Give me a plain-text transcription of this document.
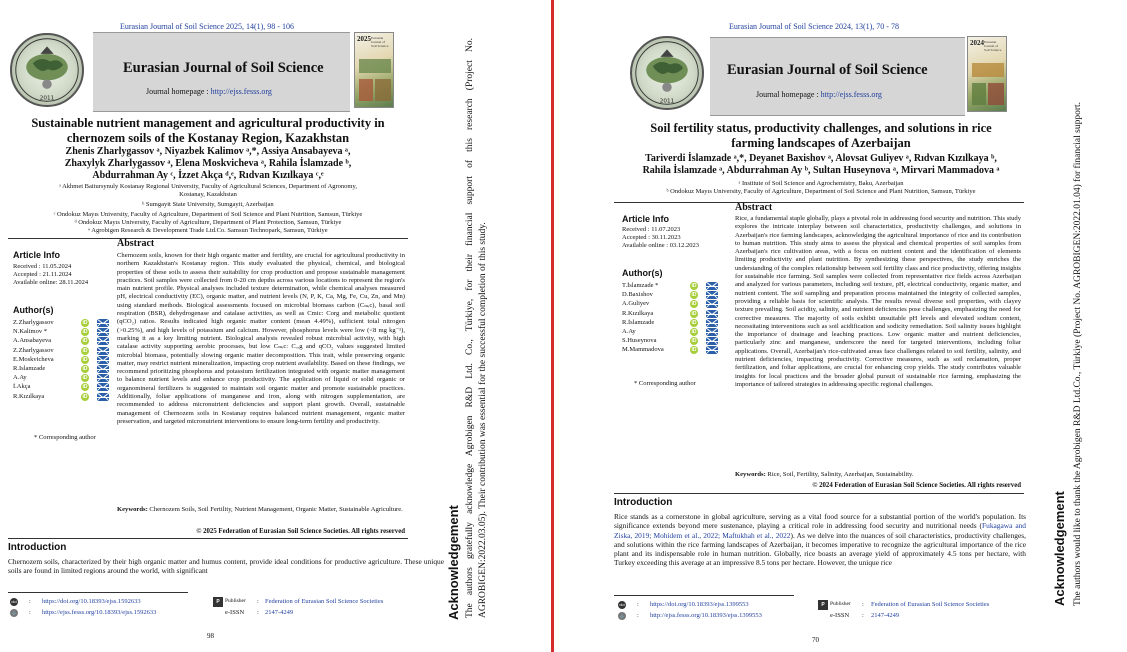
Eurasian Journal of Soil Science 2025, 14(1), 98 - 106
2011
Eurasian Journal of Soil Science
Journal homepage : http://ejss.fesss.org
2025 Eurasian Journal of Soil Science
Sustainable nutrient management and agricultural productivity in
chernozem soils of the Kostanay Region, Kazakhstan
Zhenis Zharlygassov ᵃ, Niyazbek Kalimov ᵃ,*, Assiya Ansabayeva ᵃ,
Zhaxylyk Zharlygassov ᵃ, Elena Moskvicheva ᵃ, Rahila İslamzade ᵇ,
Abdurrahman Ay ᶜ, İzzet Akça ᵈ,ᵉ, Rıdvan Kızılkaya ᶜ,ᵉ
ᵃ Akhmet Baitursynuly Kostanay Regional University, Faculty of Agricultural Sciences, Department of Agronomy,
Kostanay, Kazakhstan
ᵇ Sumgayit State University, Sumgayit, Azerbaijan
ᶜ Ondokuz Mayıs University, Faculty of Agriculture, Department of Soil Science and Plant Nutrition, Samsun, Türkiye
ᵈ Ondokuz Mayıs University, Faculty of Agriculture, Department of Plant Protection, Samsun, Türkiye
ᵉ Agrobigen Research & Development Trade Ltd.Co. Samsun Technopark, Samsun, Türkiye
Article Info
Received : 11.05.2024
Accepted : 21.11.2024
Available online: 28.11.2024
Author(s)
Z.Zharlygassov	iD
N.Kalimov *	iD
A.Ansabayeva	iD
Z.Zharlygassov	iD
E.Moskvicheva	iD
R.Islamzade	iD
A.Ay	iD
İ.Akça	iD
R.Kızılkaya	iD
* Corresponding author
Abstract
Chernozem soils, known for their high organic matter and fertility, are crucial for agricultural productivity in northern Kazakhstan's Kostanay region. This study evaluated the physical, chemical, and biological properties of these soils to assess their suitability for crop production and propose sustainable management practices. Soil samples were collected from 0-20 cm depths across various locations to represent the region's main nutrient profile. Physical analyses included texture determination, while chemical analyses measured pH, electrical conductivity (EC), organic matter, and nutrient levels (N, P, K, Ca, Mg, Fe, Cu, Zn, and Mn) using standard methods. Biological assessments focused on microbial biomass carbon (Cₘᵢc), basal soil respiration (BSR), dehydrogenase and catalase activities, as well as Cmic: Corg and metabolic quotient (qCO₂) ratios. Results indicated high organic matter content (mean 4.49%), sufficient total nitrogen (>0.25%), and high levels of potassium and calcium. However, phosphorus levels were low (<8 mg kg⁻¹), marking it as a key limiting nutrient. Biological analysis revealed robust microbial activity, with high catalase activity supporting aerobic processes, but low Cₘᵢc: Cₒᵣg and qCO₂ values suggested limited microbial biomass, potentially slowing organic matter decomposition. This trait, while preserving organic matter, may restrict nutrient mineralization, impacting crop nutrient availability. Based on these findings, we recommend prioritizing phosphorus and potassium fertilization integrated with organic matter management to balance nutrient levels and enhance crop productivity. The application of liquid or solid organic or organomineral fertilizers is suggested to maintain soil organic matter and promote sustainable practices. Additionally, foliar applications of manganese and iron, along with nitrogen supplementation, are recommended to address micronutrient deficiencies and support plant growth. Overall, sustainable management of Chernozem soils in Kostanay requires balanced nutrient management, organic matter preservation, and targeted micronutrient interventions to ensure long-term fertility and productivity.
Keywords: Chernozem Soils, Soil Fertility, Nutrient Management, Organic Matter, Sustainable Agriculture.
© 2025 Federation of Eurasian Soil Science Societies. All rights reserved
Introduction
Chernozem soils, characterized by their high organic matter and humus content, provide ideal conditions for productive agriculture. These unique soils are found in limited regions around the world, with significant
doi : https://doi.org/10.18393/ejss.1592633
⚓ : https://ejss.fesss.org/10.18393/ejss.1592633
P Publisher : Federation of Eurasian Soil Science Societies
e-ISSN : 2147-4249
98
Acknowledgement The authors gratefully acknowledge Agrobigen R&D Ltd. Co., Türkiye, for their financial support of this research (Project No. AGROBIGEN:2022.03.05). Their contribution was essential for the successful completion of this study.
Eurasian Journal of Soil Science 2024, 13(1), 70 - 78
2011
Eurasian Journal of Soil Science
Journal homepage : http://ejss.fesss.org
2024 Eurasian Journal of Soil Science
Soil fertility status, productivity challenges, and solutions in rice
farming landscapes of Azerbaijan
Tariverdi İslamzade ᵃ,*, Deyanet Baxishov ᵃ, Alovsat Guliyev ᵃ, Rıdvan Kızılkaya ᵇ,
Rahila İslamzade ᵃ, Abdurrahman Ay ᵇ, Sultan Huseynova ᵃ, Mirvari Mammadova ᵃ
ᵃ Institute of Soil Science and Agrochemistry, Baku, Azerbaijan
ᵇ Ondokuz Mayıs University, Faculty of Agriculture, Department of Soil Science and Plant Nutrition, Samsun, Türkiye
Article Info
Received : 11.07.2023
Accepted : 30.11.2023
Available online : 03.12.2023
Author(s)
T.İslamzade *	iD
D.Baxishov	iD
A.Guliyev	iD
R.Kızılkaya	iD
R.İslamzade	iD
A.Ay	iD
S.Huseynova	iD
M.Mammadova	iD
* Corresponding author
Abstract
Rice, a fundamental staple globally, plays a pivotal role in addressing food security and nutrition. This study explores the intricate interplay between soil characteristics, productivity challenges, and solutions in Azerbaijan's rice farming landscapes, acknowledging the agricultural importance of rice and its contribution to human nutrition. This study aims to assess the physical and chemical properties of soil samples from Azerbaijan's rice cultivation areas, with a focus on nutrient content and the identification of elements limiting productivity and plant nutrition. By synthesizing these perspectives, the study enriches the understanding of the complex relationship between soil fertility class and rice productivity, offering insights for sustainable rice farming. Soil samples were collected from representative rice fields across Azerbaijan and analyzed for various parameters, including soil texture, pH, electrical conductivity, organic matter, and nutrient content. The soil sampling and preparation process maintained the integrity of collected samples, providing a reliable basis for scientific analysis. The results reveal diverse soil properties, with clayey texture prevailing. Soil acidity, salinity, and nutrient deficiencies pose challenges, emphasizing the need for corrective measures. The majority of soils exhibit unsuitable pH levels and elevated sodium content, necessitating interventions such as soil acidification and sodicity remediation. Soil salinity issues highlight the importance of drainage and leaching practices. Low organic matter and nutrient deficiencies, particularly zinc and manganese, underscore the need for targeted interventions, including foliar applications. Overall, Azerbaijan's rice-cultivated areas face challenges related to soil fertility, salinity, and nutrient deficiencies, impacting productivity. Corrective measures, such as soil reclamation, proper fertilization, and foliar applications, are crucial for enhancing crop yields. The study contributes valuable insights for local practices and the broader global pursuit of sustainable rice farming, emphasizing the importance of tailored strategies in addressing specific regional challenges.
Keywords: Rice, Soil, Fertility, Salinity, Azerbaijan, Sustainability.
© 2024 Federation of Eurasian Soil Science Societies. All rights reserved
Introduction
Rice stands as a cornerstone in global agriculture, serving as a vital food source for a substantial portion of the world's population. Its significance extends beyond mere sustenance, playing a critical role in addressing food security and nutritional needs (Fukagawa and Ziska, 2019; Mohidem et al., 2022; Maftukhah et al., 2022). As we delve into the nuances of soil characteristics, productivity challenges, and solutions within the rice farming landscapes of Azerbaijan, it becomes imperative to recognize the agricultural importance of the rice plant and its indispensable role in human nutrition. Globally, rice boasts an average yield of approximately 4.5 tons per hectare, with Turkey exceeding this average at an impressive 8.5 tons per hectare. However, the unique rice
doi : https://doi.org/10.18393/ejss.1399553
⚓ : http://ejss.fesss.org/10.18393/ejss.1399553
P Publisher : Federation of Eurasian Soil Science Societies
e-ISSN : 2147-4249
70
Acknowledgement The authors would like to thank the Agrobigen R&D Ltd.Co., Türkiye (Project No. AGROBIGEN:2022.01.04) for financial support.
